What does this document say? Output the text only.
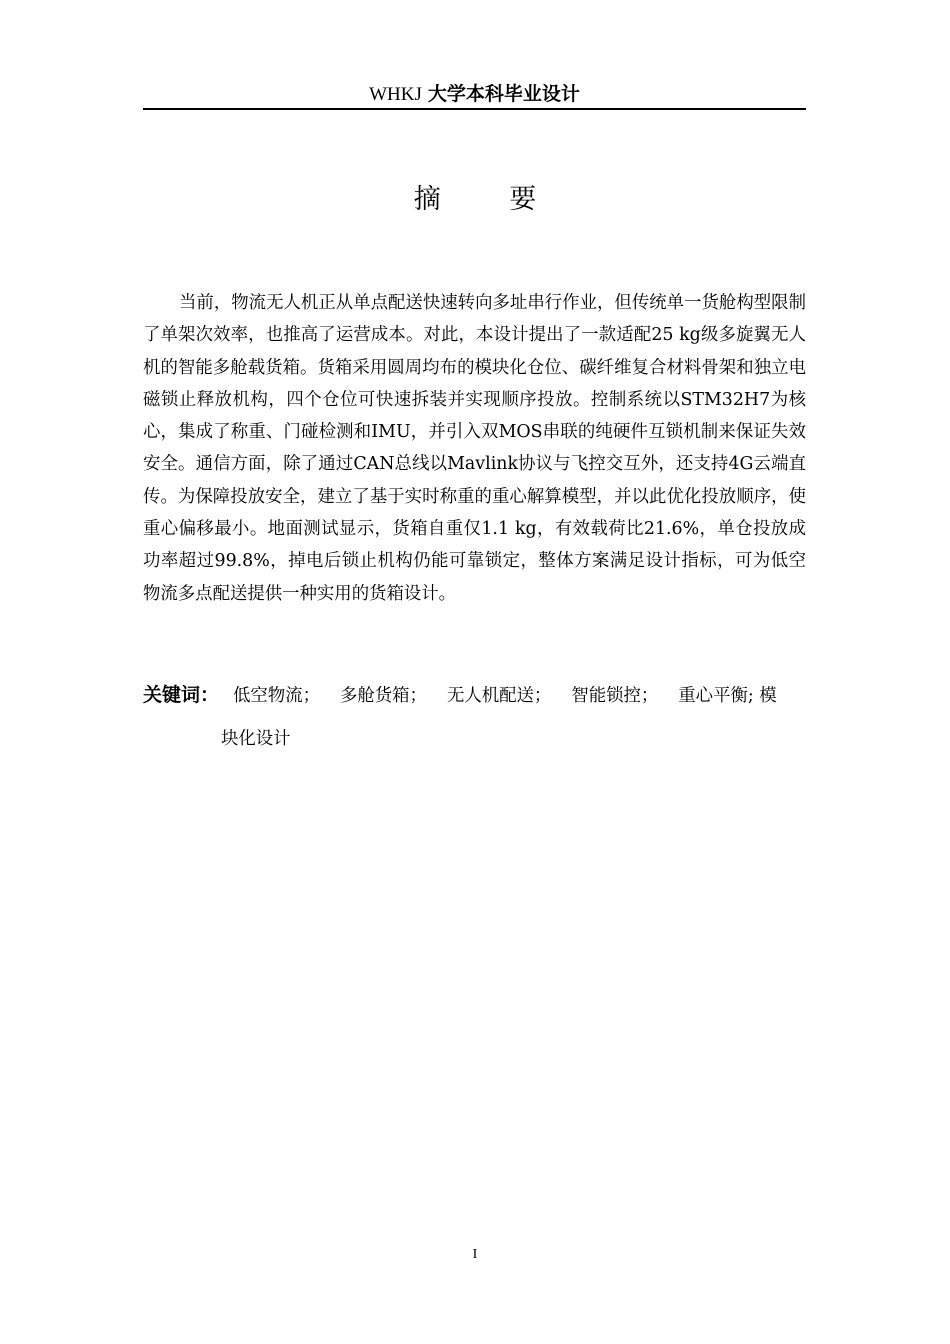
WHKJ 大学本科毕业设计
摘 要

当前，物流无人机正从单点配送快速转向多址串行作业，但传统单一货舱构型限制了单架次效率，也推高了运营成本。对此，本设计提出了一款适配25 kg级多旋翼无人机的智能多舱载货箱。货箱采用圆周均布的模块化仓位、碳纤维复合材料骨架和独立电磁锁止释放机构，四个仓位可快速拆装并实现顺序投放。控制系统以STM32H7为核心，集成了称重、门碰检测和IMU，并引入双MOS串联的纯硬件互锁机制来保证失效安全。通信方面，除了通过CAN总线以Mavlink协议与飞控交互外，还支持4G云端直传。为保障投放安全，建立了基于实时称重的重心解算模型，并以此优化投放顺序，使重心偏移最小。地面测试显示，货箱自重仅1.1 kg，有效载荷比21.6%，单仓投放成功率超过99.8%，掉电后锁止机构仍能可靠锁定，整体方案满足设计指标，可为低空物流多点配送提供一种实用的货箱设计。

关键词： 低空物流； 多舱货箱； 无人机配送； 智能锁控； 重心平衡; 模
块化设计
I
